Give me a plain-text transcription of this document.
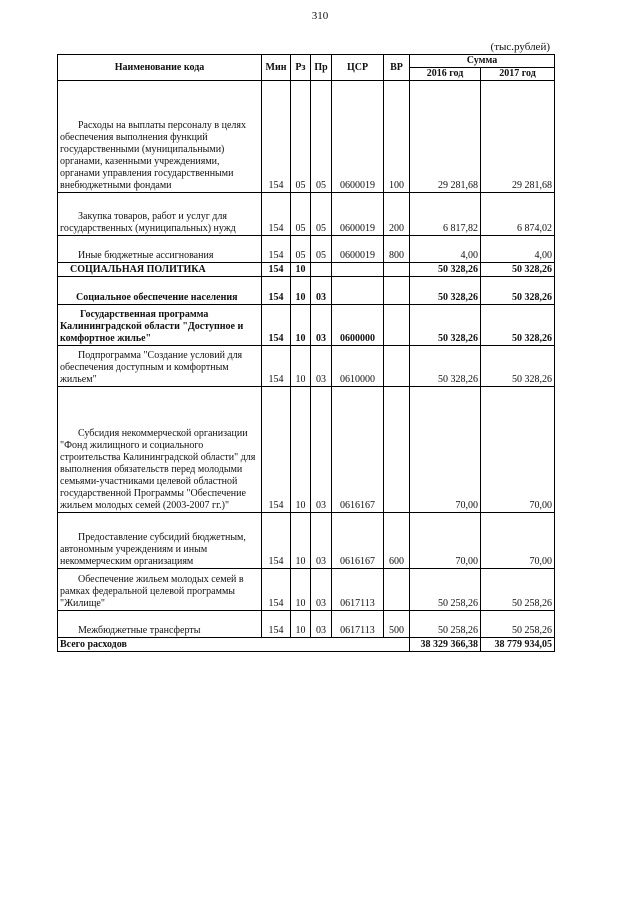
310
(тыс.рублей)
Наименование кода	Мин	Рз	Пр	ЦСР	ВР	Сумма	
						2016 год	2017 год

Расходы на выплаты персоналу в целях обеспечения выполнения функций государственными (муниципальными) органами, казенными учреждениями, органами управления государственными внебюджетными фондами	154	05	05	0600019	100	29 281,68	29 281,68

Закупка товаров, работ и услуг для государственных (муниципальных) нужд	154	05	05	0600019	200	6 817,82	6 874,02

Иные бюджетные ассигнования	154	05	05	0600019	800	4,00	4,00

СОЦИАЛЬНАЯ ПОЛИТИКА	154	10				50 328,26	50 328,26

Социальное обеспечение населения	154	10	03			50 328,26	50 328,26

Государственная программа Калининградской области "Доступное и комфортное жилье"	154	10	03	0600000		50 328,26	50 328,26

Подпрограмма "Создание условий для обеспечения доступным и комфортным жильем"	154	10	03	0610000		50 328,26	50 328,26

Субсидия некоммерческой организации "Фонд жилищного и социального строительства Калининградской области" для выполнения обязательств перед молодыми семьями-участниками целевой областной государственной Программы "Обеспечение жильем молодых семей (2003-2007 гг.)"	154	10	03	0616167		70,00	70,00

Предоставление субсидий бюджетным, автономным учреждениям и иным некоммерческим организациям	154	10	03	0616167	600	70,00	70,00

Обеспечение жильем молодых семей в рамках федеральной целевой программы "Жилище"	154	10	03	0617113		50 258,26	50 258,26

Межбюджетные трансферты	154	10	03	0617113	500	50 258,26	50 258,26
Всего расходов						38 329 366,38	38 779 934,05
